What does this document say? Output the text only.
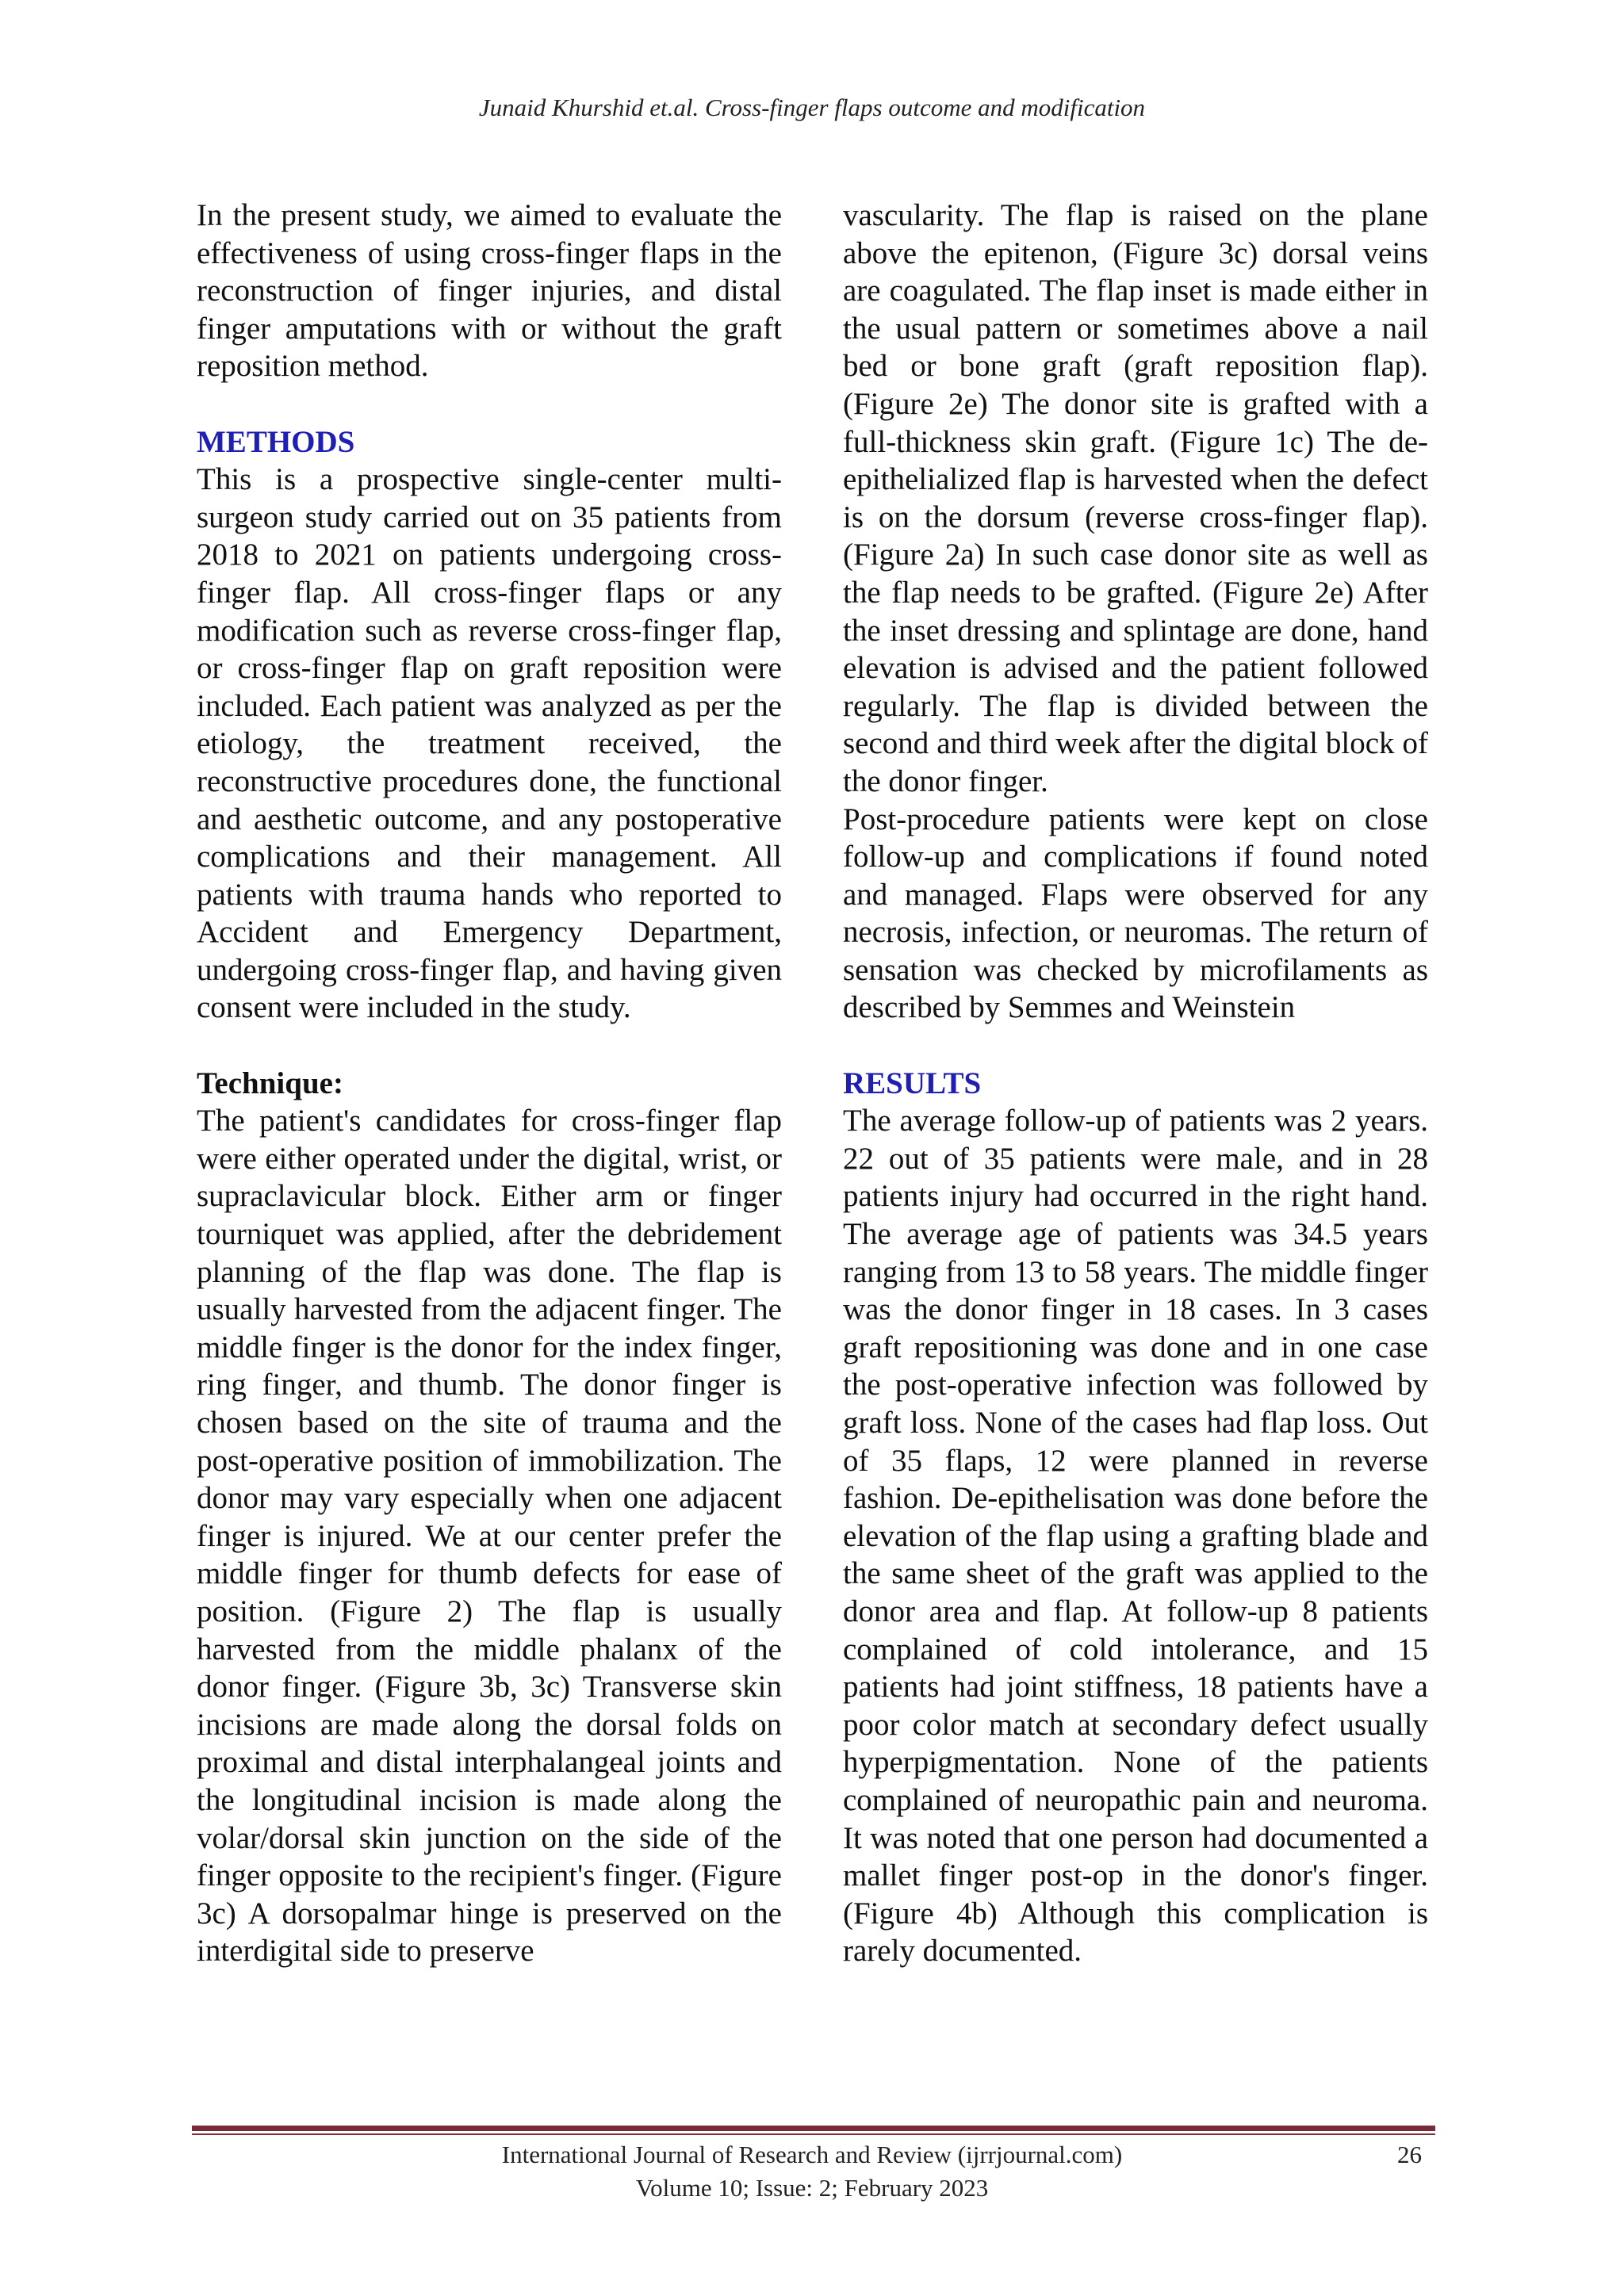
Junaid Khurshid et.al. Cross-finger flaps outcome and modification

In the present study, we aimed to evaluate the effectiveness of using cross-finger flaps in the reconstruction of finger injuries, and distal finger amputations with or without the graft reposition method.

METHODS

This is a prospective single-center multi-surgeon study carried out on 35 patients from 2018 to 2021 on patients undergoing cross-finger flap. All cross-finger flaps or any modification such as reverse cross-finger flap, or cross-finger flap on graft reposition were included. Each patient was analyzed as per the etiology, the treatment received, the reconstructive procedures done, the functional and aesthetic outcome, and any postoperative complications and their management. All patients with trauma hands who reported to Accident and Emergency Department, undergoing cross-finger flap, and having given consent were included in the study.

Technique:

The patient's candidates for cross-finger flap were either operated under the digital, wrist, or supraclavicular block. Either arm or finger tourniquet was applied, after the debridement planning of the flap was done. The flap is usually harvested from the adjacent finger. The middle finger is the donor for the index finger, ring finger, and thumb. The donor finger is chosen based on the site of trauma and the post-operative position of immobilization. The donor may vary especially when one adjacent finger is injured. We at our center prefer the middle finger for thumb defects for ease of position. (Figure 2) The flap is usually harvested from the middle phalanx of the donor finger. (Figure 3b, 3c) Transverse skin incisions are made along the dorsal folds on proximal and distal interphalangeal joints and the longitudinal incision is made along the volar/dorsal skin junction on the side of the finger opposite to the recipient's finger. (Figure 3c) A dorsopalmar hinge is preserved on the interdigital side to preserve

vascularity. The flap is raised on the plane above the epitenon, (Figure 3c) dorsal veins are coagulated. The flap inset is made either in the usual pattern or sometimes above a nail bed or bone graft (graft reposition flap). (Figure 2e) The donor site is grafted with a full-thickness skin graft. (Figure 1c) The de-epithelialized flap is harvested when the defect is on the dorsum (reverse cross-finger flap). (Figure 2a) In such case donor site as well as the flap needs to be grafted. (Figure 2e) After the inset dressing and splintage are done, hand elevation is advised and the patient followed regularly. The flap is divided between the second and third week after the digital block of the donor finger.

Post-procedure patients were kept on close follow-up and complications if found noted and managed. Flaps were observed for any necrosis, infection, or neuromas. The return of sensation was checked by microfilaments as described by Semmes and Weinstein

RESULTS

The average follow-up of patients was 2 years. 22 out of 35 patients were male, and in 28 patients injury had occurred in the right hand. The average age of patients was 34.5 years ranging from 13 to 58 years. The middle finger was the donor finger in 18 cases. In 3 cases graft repositioning was done and in one case the post-operative infection was followed by graft loss. None of the cases had flap loss. Out of 35 flaps, 12 were planned in reverse fashion. De-epithelisation was done before the elevation of the flap using a grafting blade and the same sheet of the graft was applied to the donor area and flap. At follow-up 8 patients complained of cold intolerance, and 15 patients had joint stiffness, 18 patients have a poor color match at secondary defect usually hyperpigmentation. None of the patients complained of neuropathic pain and neuroma. It was noted that one person had documented a mallet finger post-op in the donor's finger. (Figure 4b) Although this complication is rarely documented.

International Journal of Research and Review (ijrrjournal.com)
Volume 10; Issue: 2; February 2023
26
